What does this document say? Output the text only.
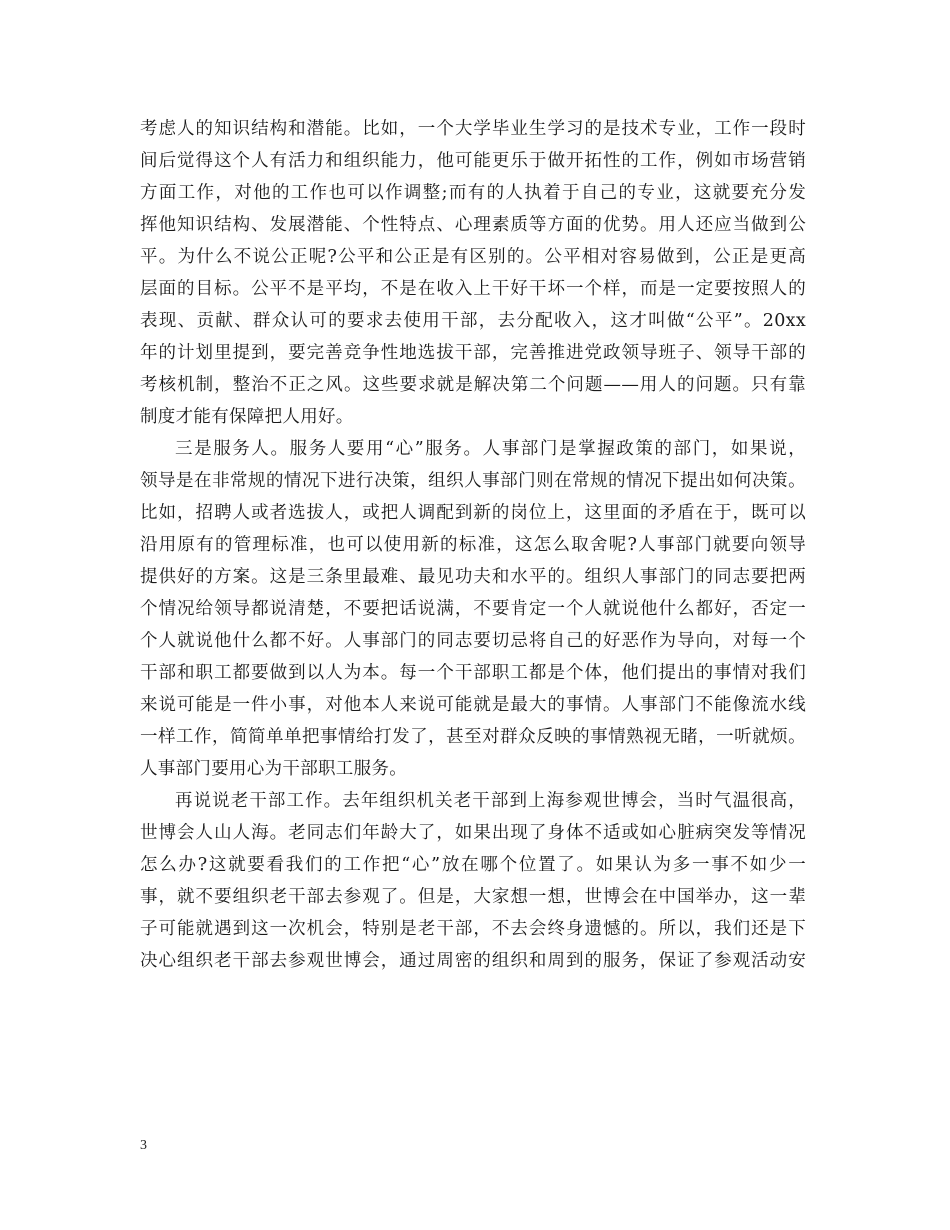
考虑人的知识结构和潜能。比如，一个大学毕业生学习的是技术专业，工作一段时
间后觉得这个人有活力和组织能力，他可能更乐于做开拓性的工作，例如市场营销
方面工作，对他的工作也可以作调整;而有的人执着于自己的专业，这就要充分发
挥他知识结构、发展潜能、个性特点、心理素质等方面的优势。用人还应当做到公
平。为什么不说公正呢?公平和公正是有区别的。公平相对容易做到，公正是更高
层面的目标。公平不是平均，不是在收入上干好干坏一个样，而是一定要按照人的
表现、贡献、群众认可的要求去使用干部，去分配收入，这才叫做“公平”。20xx
年的计划里提到，要完善竞争性地选拔干部，完善推进党政领导班子、领导干部的
考核机制，整治不正之风。这些要求就是解决第二个问题——用人的问题。只有靠
制度才能有保障把人用好。
三是服务人。服务人要用“心”服务。人事部门是掌握政策的部门，如果说，
领导是在非常规的情况下进行决策，组织人事部门则在常规的情况下提出如何决策。
比如，招聘人或者选拔人，或把人调配到新的岗位上，这里面的矛盾在于，既可以
沿用原有的管理标准，也可以使用新的标准，这怎么取舍呢?人事部门就要向领导
提供好的方案。这是三条里最难、最见功夫和水平的。组织人事部门的同志要把两
个情况给领导都说清楚，不要把话说满，不要肯定一个人就说他什么都好，否定一
个人就说他什么都不好。人事部门的同志要切忌将自己的好恶作为导向，对每一个
干部和职工都要做到以人为本。每一个干部职工都是个体，他们提出的事情对我们
来说可能是一件小事，对他本人来说可能就是最大的事情。人事部门不能像流水线
一样工作，简简单单把事情给打发了，甚至对群众反映的事情熟视无睹，一听就烦。
人事部门要用心为干部职工服务。
再说说老干部工作。去年组织机关老干部到上海参观世博会，当时气温很高，
世博会人山人海。老同志们年龄大了，如果出现了身体不适或如心脏病突发等情况
怎么办?这就要看我们的工作把“心”放在哪个位置了。如果认为多一事不如少一
事，就不要组织老干部去参观了。但是，大家想一想，世博会在中国举办，这一辈
子可能就遇到这一次机会，特别是老干部，不去会终身遗憾的。所以，我们还是下
决心组织老干部去参观世博会，通过周密的组织和周到的服务，保证了参观活动安
3
